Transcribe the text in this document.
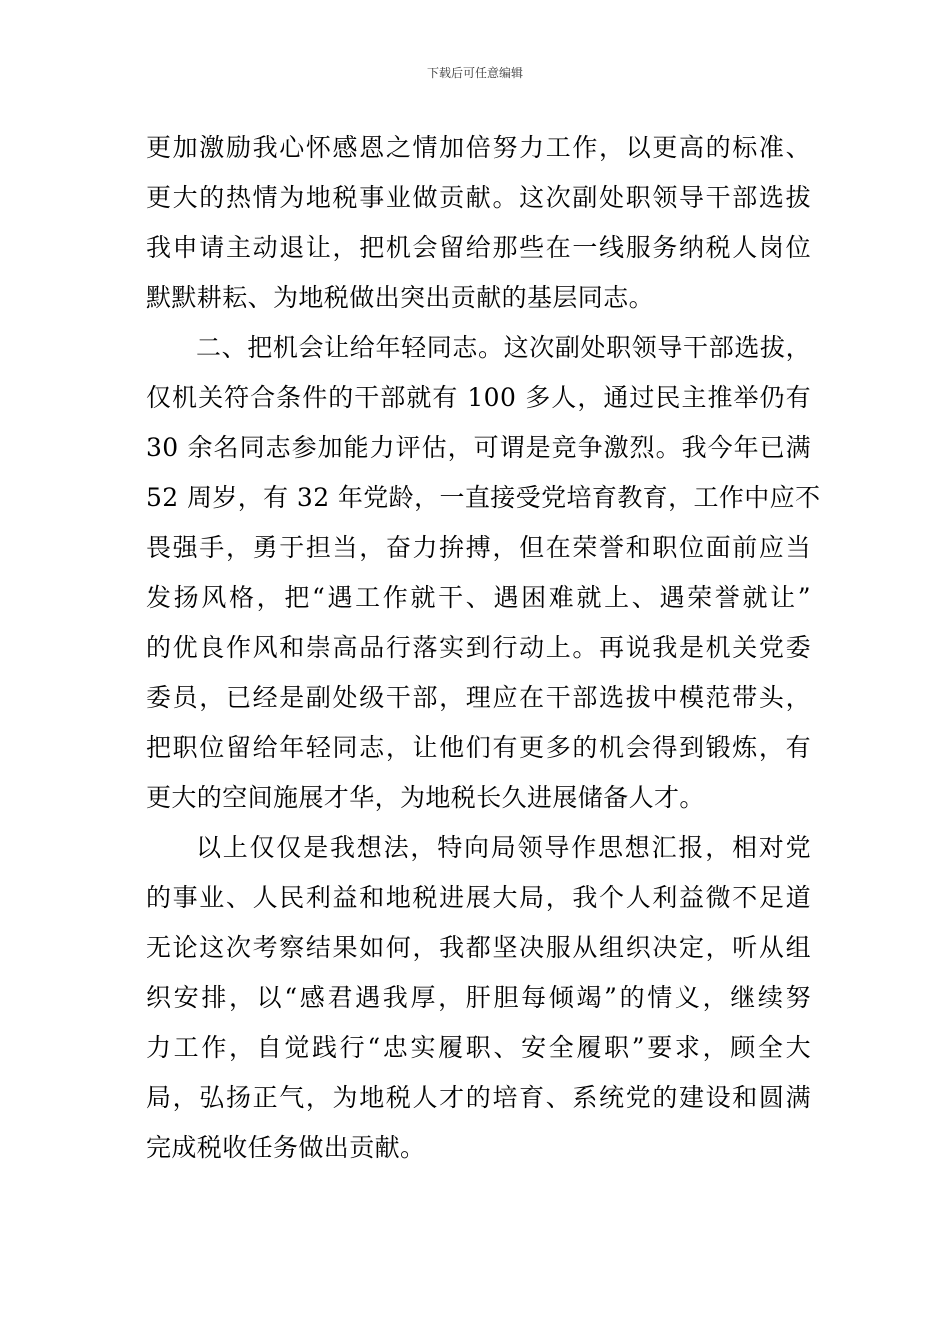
下载后可任意编辑
更加激励我心怀感恩之情加倍努力工作，以更高的标准、
更大的热情为地税事业做贡献。这次副处职领导干部选拔
我申请主动退让，把机会留给那些在一线服务纳税人岗位
默默耕耘、为地税做出突出贡献的基层同志。
二、把机会让给年轻同志。这次副处职领导干部选拔，
仅机关符合条件的干部就有 100 多人，通过民主推举仍有
30 余名同志参加能力评估，可谓是竞争激烈。我今年已满
52 周岁，有 32 年党龄，一直接受党培育教育，工作中应不
畏强手，勇于担当，奋力拚搏，但在荣誉和职位面前应当
发扬风格，把“遇工作就干、遇困难就上、遇荣誉就让”
的优良作风和崇高品行落实到行动上。再说我是机关党委
委员，已经是副处级干部，理应在干部选拔中模范带头，
把职位留给年轻同志，让他们有更多的机会得到锻炼，有
更大的空间施展才华，为地税长久进展储备人才。
以上仅仅是我想法，特向局领导作思想汇报，相对党
的事业、人民利益和地税进展大局，我个人利益微不足道
无论这次考察结果如何，我都坚决服从组织决定，听从组
织安排，以“感君遇我厚，肝胆每倾竭”的情义，继续努
力工作，自觉践行“忠实履职、安全履职”要求，顾全大
局，弘扬正气，为地税人才的培育、系统党的建设和圆满
完成税收任务做出贡献。
